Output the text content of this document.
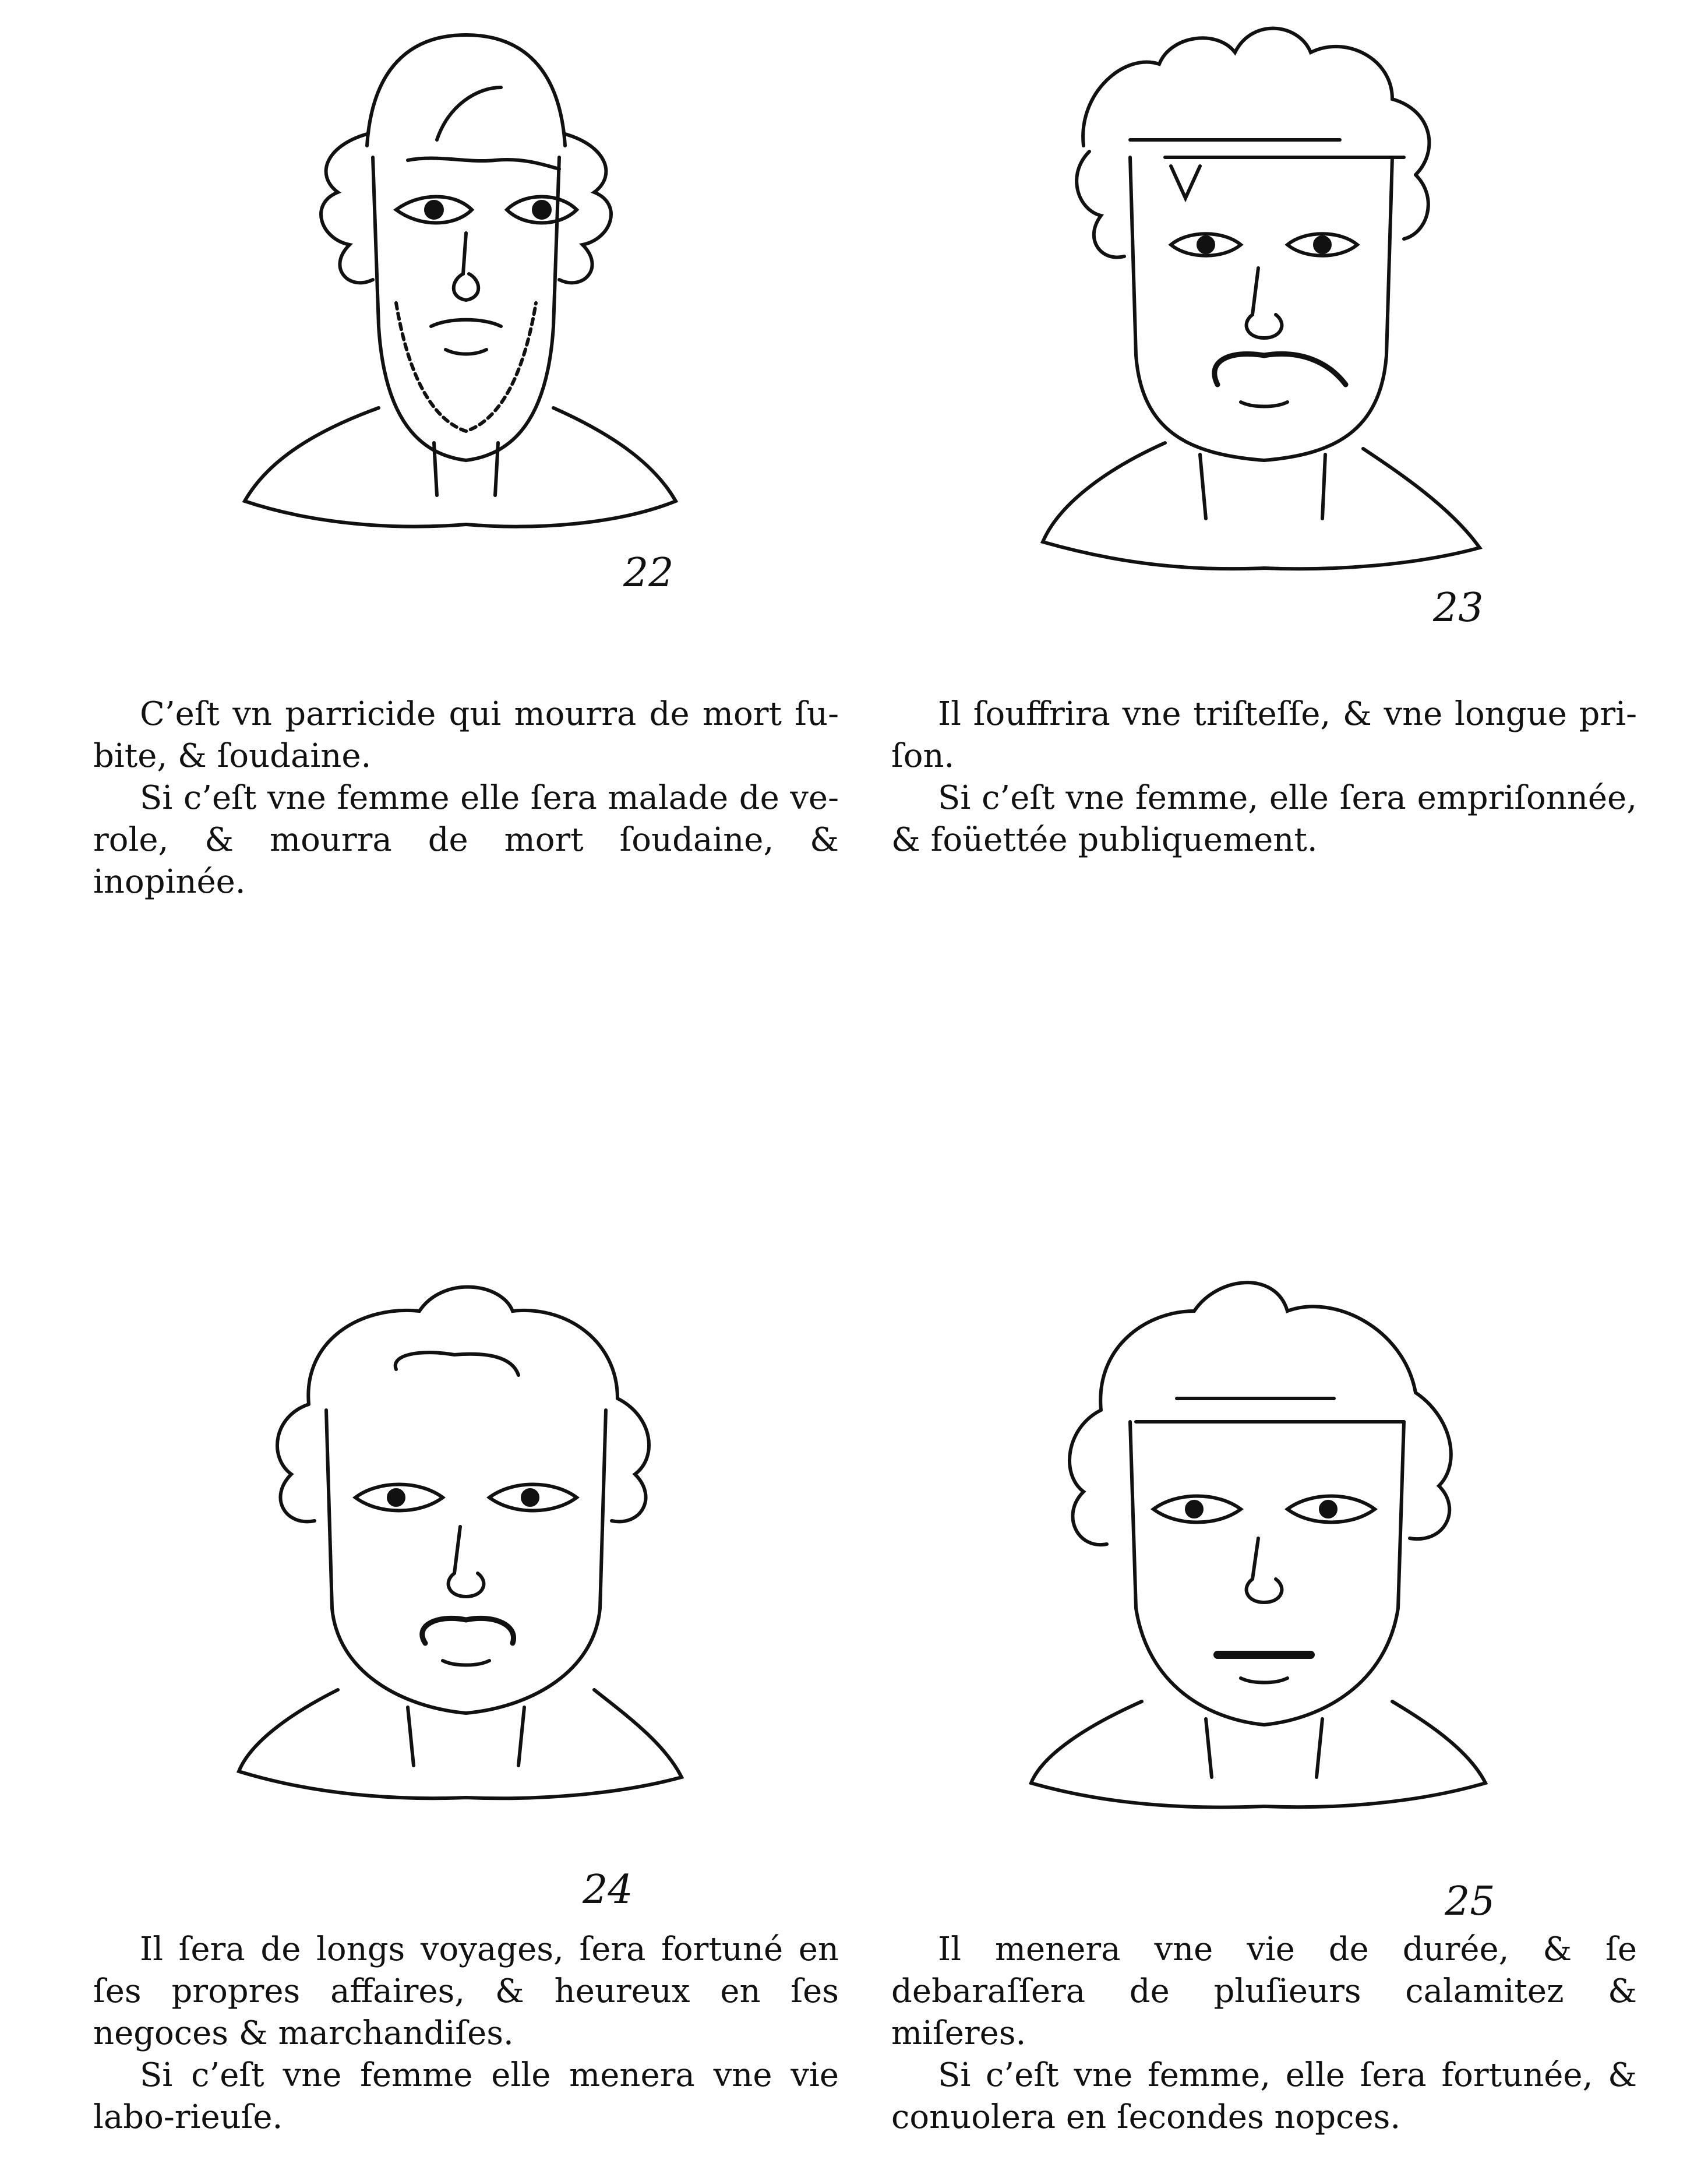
22

C’eſt vn parricide qui mourra de mort ſu-bite, & ſoudaine.

Si c’eſt vne femme elle ſera malade de ve-role, & mourra de mort ſoudaine, & inopinée.

23

Il ſouffrira vne triſteſſe, & vne longue pri-ſon.

Si c’eſt vne femme, elle ſera empriſonnée, & foüettée publiquement.

24

Il ſera de longs voyages, ſera fortuné en ſes propres affaires, & heureux en ſes negoces & marchandiſes.

Si c’eſt vne femme elle menera vne vie labo-rieuſe.

25

Il menera vne vie de durée, & ſe debaraſſera de pluſieurs calamitez & miſeres.

Si c’eſt vne femme, elle ſera fortunée, & conuolera en ſecondes nopces.
